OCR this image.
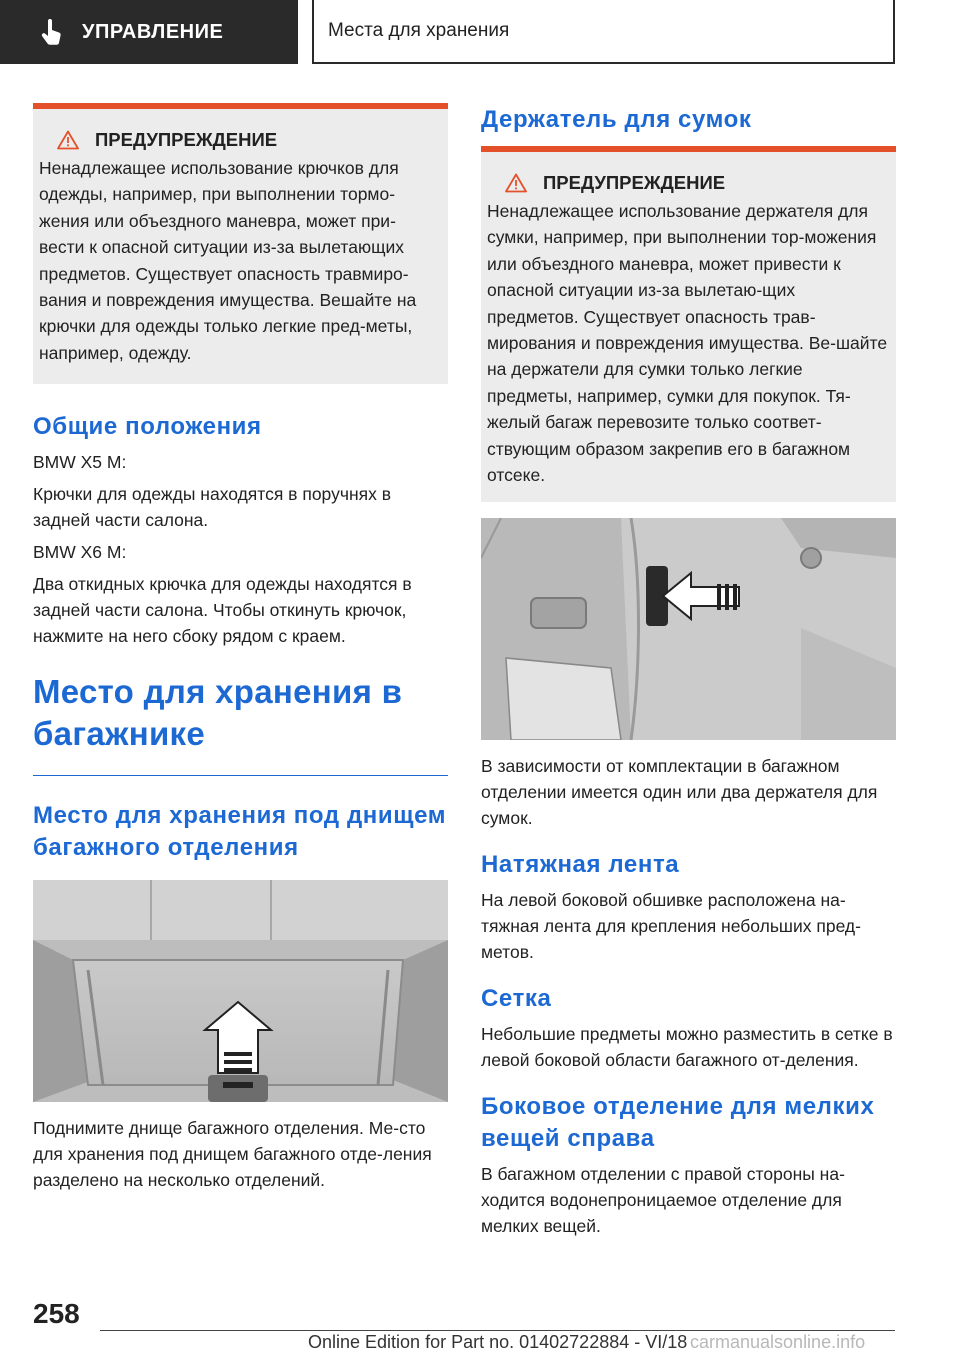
УПРАВЛЕНИЕ	Места для хранения
ПРЕДУПРЕЖДЕНИЕ

Ненадлежащее использование крючков для одежды, например, при выполнении тормо-жения или объездного маневра, может при-вести к опасной ситуации из-за вылетающих предметов. Существует опасность травмиро-вания и повреждения имущества. Вешайте на крючки для одежды только легкие пред-меты, например, одежду.

Общие положения

BMW X5 M:

Крючки для одежды находятся в поручнях в задней части салона.

BMW X6 M:

Два откидных крючка для одежды находятся в задней части салона. Чтобы откинуть крючок, нажмите на него сбоку рядом с краем.

Место для хранения в багажнике
Место для хранения под днищем багажного отделения

Поднимите днище багажного отделения. Ме-сто для хранения под днищем багажного отде-ления разделено на несколько отделений.

Держатель для сумок
ПРЕДУПРЕЖДЕНИЕ

Ненадлежащее использование держателя для сумки, например, при выполнении тор-можения или объездного маневра, может привести к опасной ситуации из-за вылетаю-щих предметов. Существует опасность трав-мирования и повреждения имущества. Ве-шайте на держатели для сумки только легкие предметы, например, сумки для покупок. Тя-желый багаж перевозите только соответ-ствующим образом закрепив его в багажном отсеке.

В зависимости от комплектации в багажном отделении имеется один или два держателя для сумок.

Натяжная лента

На левой боковой обшивке расположена на-тяжная лента для крепления небольших пред-метов.

Сетка

Небольшие предметы можно разместить в сетке в левой боковой области багажного от-деления.

Боковое отделение для мелких вещей справа

В багажном отделении с правой стороны на-ходится водонепроницаемое отделение для мелких вещей.

258
Online Edition for Part no. 01402722884 - VI/18 carmanualsonline.info
